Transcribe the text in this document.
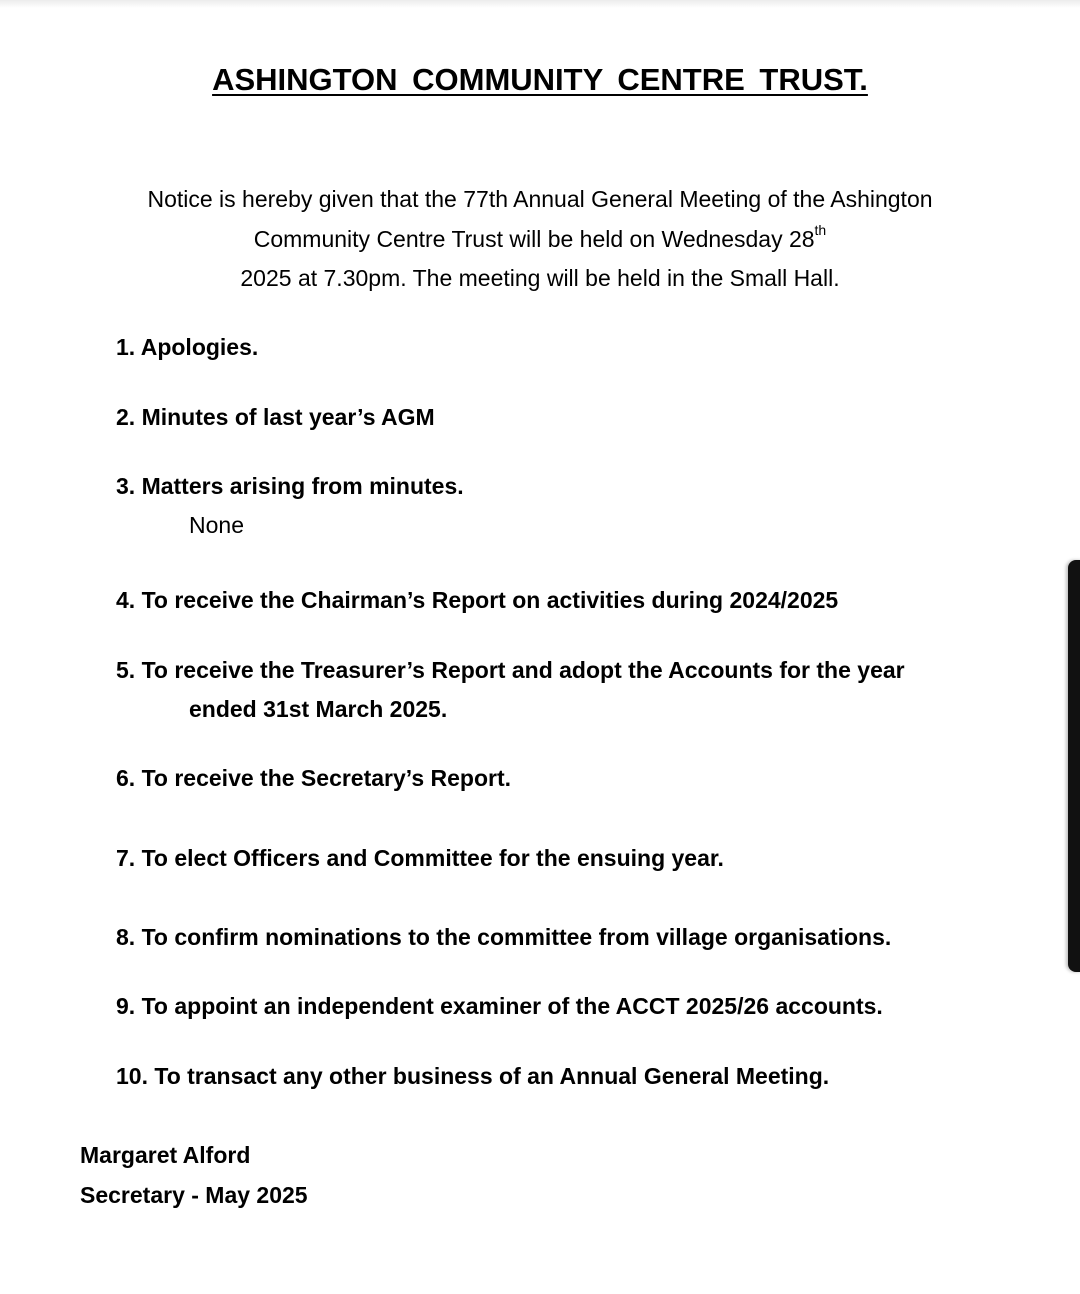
ASHINGTON COMMUNITY CENTRE TRUST.

Notice is hereby given that the 77th Annual General Meeting of the Ashington
Community Centre Trust will be held on Wednesday 28th
2025 at 7.30pm. The meeting will be held in the Small Hall.

1. Apologies.
2. Minutes of last year’s AGM
3. Matters arising from minutes.
None
4. To receive the Chairman’s Report on activities during 2024/2025
5. To receive the Treasurer’s Report and adopt the Accounts for the year
ended 31st March 2025.
6. To receive the Secretary’s Report.
7. To elect Officers and Committee for the ensuing year.
8. To confirm nominations to the committee from village organisations.
9. To appoint an independent examiner of the ACCT 2025/26 accounts.
10. To transact any other business of an Annual General Meeting.
Margaret Alford
Secretary - May 2025
